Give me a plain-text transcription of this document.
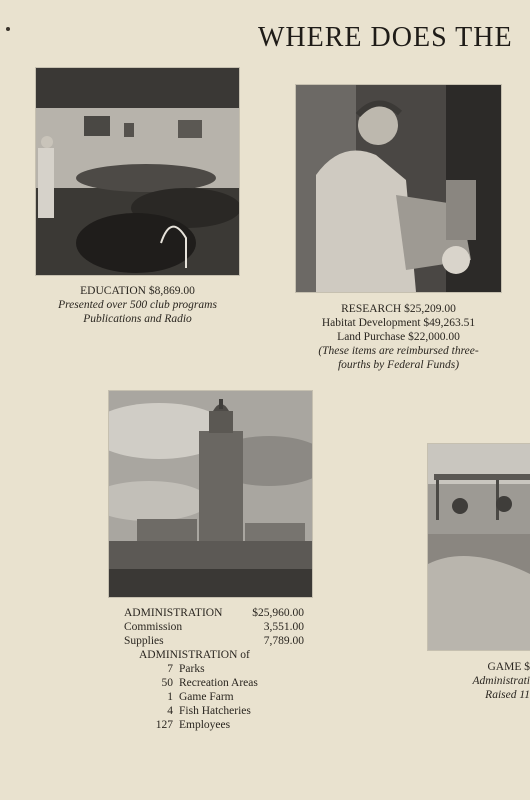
WHERE DOES THE
EDUCATION $8,869.00
Presented over 500 club programs
Publications and Radio
RESEARCH $25,209.00
Habitat Development $49,263.51
Land Purchase $22,000.00
(These items are reimbursed three-
fourths by Federal Funds)
ADMINISTRATION	$25,960.00
Commission	3,551.00
Supplies	7,789.00
ADMINISTRATION of
7 Parks
50 Recreation Areas
1 Game Farm
4 Fish Hatcheries
127 Employees
GAME $
Administrati
Raised 11
